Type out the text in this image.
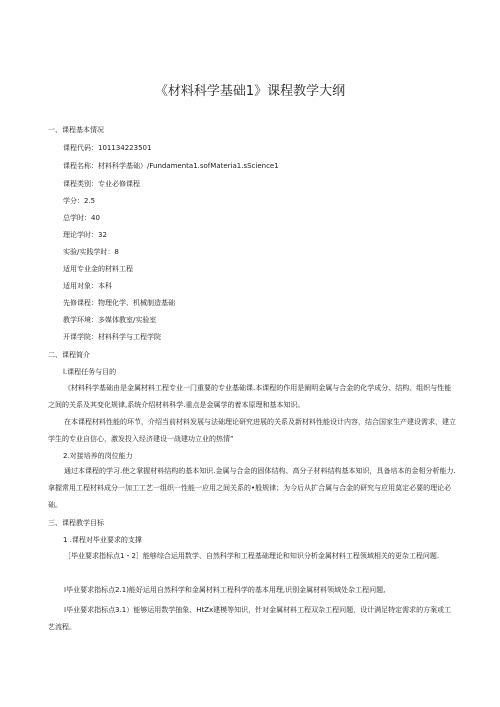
《材料科学基础1》课程教学大纲
一、课程基本情况
课程代码：101134223501
课程名称：材料科学基础）/Fundamenta1.sofMateria1.sScience1
课程类别：专业必修课程
学分：2.5
总学时：40
理论学时：32
实验/实践学时：8
适用专业金的材料工程
适用对象：本科
先修课程：物理化学、机械制造基础
教学环境：多媒体教室/实验室
开课学院：材料科学与工程学院
二、课程简介
l.课程任务与目的
《材料科学基础由是金属材料工程专业一门重要的专业基础课.本课程的作用是阐明金属与合金的化学成分、结构、组织与性能之间的关系及其变化规律,系统介绍材料科学.重点是金属学的着本原理和基本知识。
在本课程材料性能的环节，介绍当前材料发展与法础理论研究进展的关系及新材料性能设计内容，结合国家生产建设需求，建立学生的专业自信心，激发投入经济建设一战建功立业的热情”
2.对接培养的岗位能力
通过本课程的学习.使之掌握材料结构的基本知识.金属与合金的固体结构、高分子材料结构基本知识，具备培本的金相分析能力.拿握常用工程材料成分一加工工艺一组织一性能一应用之间关系的•般规律；为今后从扩合属与合金的研究与应用莫定必要的理论必础。
三、课程教学目标
1 .课程对毕业要求的支撑
［毕业要求指标点1・2］能够综合运用数学、自然科学和工程基础理论和知识分析金属材料工程领域相关的更杂工程问题.
I毕业要求指标点2.1)能好运用自然科学和金属材料工程科学的基本用理,识别金属材料领域处杂工程问题,
I毕业要求指标点3.1）能够运用数学抽象、HtZx建模等知识，针对金属材料工程双杂工程问题，设计满足特定需求的方案或工艺流程。
